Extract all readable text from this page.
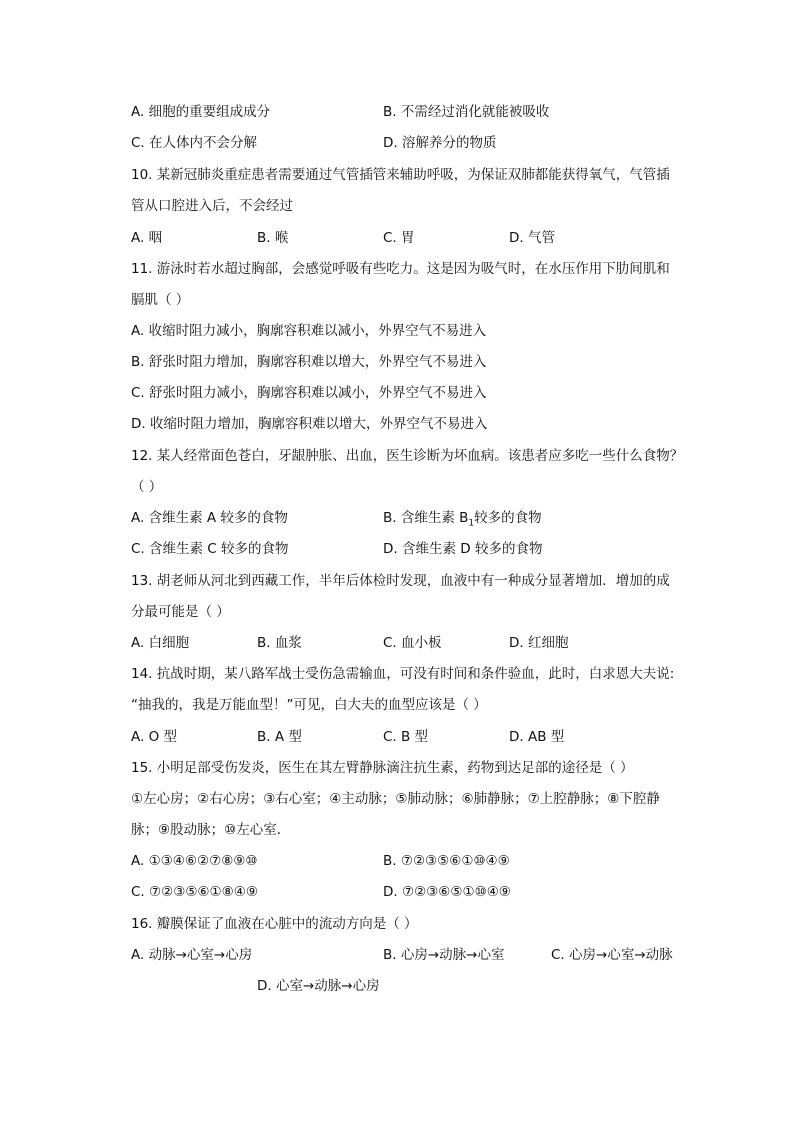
A. 细胞的重要组成成分	B. 不需经过消化就能被吸收
C. 在人体内不会分解	D. 溶解养分的物质
10. 某新冠肺炎重症患者需要通过气管插管来辅助呼吸，为保证双肺都能获得氧气，气管插
管从口腔进入后，不会经过
A. 咽	B. 喉	C. 胃	D. 气管
11. 游泳时若水超过胸部，会感觉呼吸有些吃力。这是因为吸气时，在水压作用下肋间肌和
膈肌（ ）
A. 收缩时阻力减小，胸廓容积难以减小，外界空气不易进入
B. 舒张时阻力增加，胸廓容积难以增大，外界空气不易进入
C. 舒张时阻力减小，胸廓容积难以减小，外界空气不易进入
D. 收缩时阻力增加，胸廓容积难以增大，外界空气不易进入
12. 某人经常面色苍白，牙龈肿胀、出血，医生诊断为坏血病。该患者应多吃一些什么食物？
（ ）
A. 含维生素 A 较多的食物	B. 含维生素 $B_1$较多的食物
C. 含维生素 C 较多的食物	D. 含维生素 D 较多的食物
13. 胡老师从河北到西藏工作，半年后体检时发现，血液中有一种成分显著增加．增加的成
分最可能是（ ）
A. 白细胞	B. 血浆	C. 血小板	D. 红细胞
14. 抗战时期，某八路军战士受伤急需输血，可没有时间和条件验血，此时，白求恩大夫说:
“抽我的，我是万能血型！”可见，白大夫的血型应该是（ ）
A. O 型	B. A 型	C. B 型	D. AB 型
15. 小明足部受伤发炎，医生在其左臂静脉滴注抗生素，药物到达足部的途径是（ ）
①左心房；②右心房；③右心室；④主动脉；⑤肺动脉；⑥肺静脉；⑦上腔静脉；⑧下腔静
脉；⑨股动脉；⑩左心室．
A. ①③④⑥②⑦⑧⑨⑩	B. ⑦②③⑤⑥①⑩④⑨
C. ⑦②③⑤⑥①⑧④⑨	D. ⑦②③⑥⑤①⑩④⑨
16. 瓣膜保证了血液在心脏中的流动方向是（ ）
A. 动脉→心室→心房	B. 心房→动脉→心室	C. 心房→心室→动脉
D. 心室→动脉→心房
